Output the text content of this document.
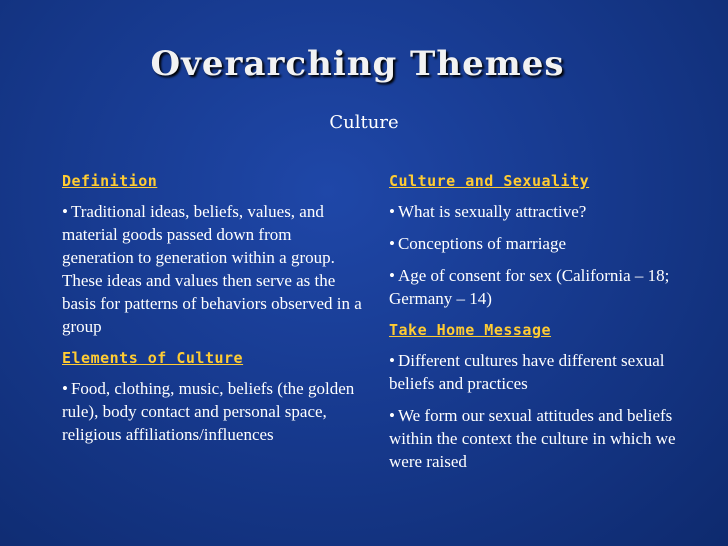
Overarching Themes
Culture
Definition
• Traditional ideas, beliefs, values, and material goods passed down from generation to generation within a group. These ideas and values then serve as the basis for patterns of behaviors observed in a group
Elements of Culture
• Food, clothing, music, beliefs (the golden rule), body contact and personal space, religious affiliations/influences
Culture and Sexuality
• What is sexually attractive?
• Conceptions of marriage
• Age of consent for sex (California – 18; Germany – 14)
Take Home Message
• Different cultures have different sexual beliefs and practices
• We form our sexual attitudes and beliefs within the context the culture in which we were raised
